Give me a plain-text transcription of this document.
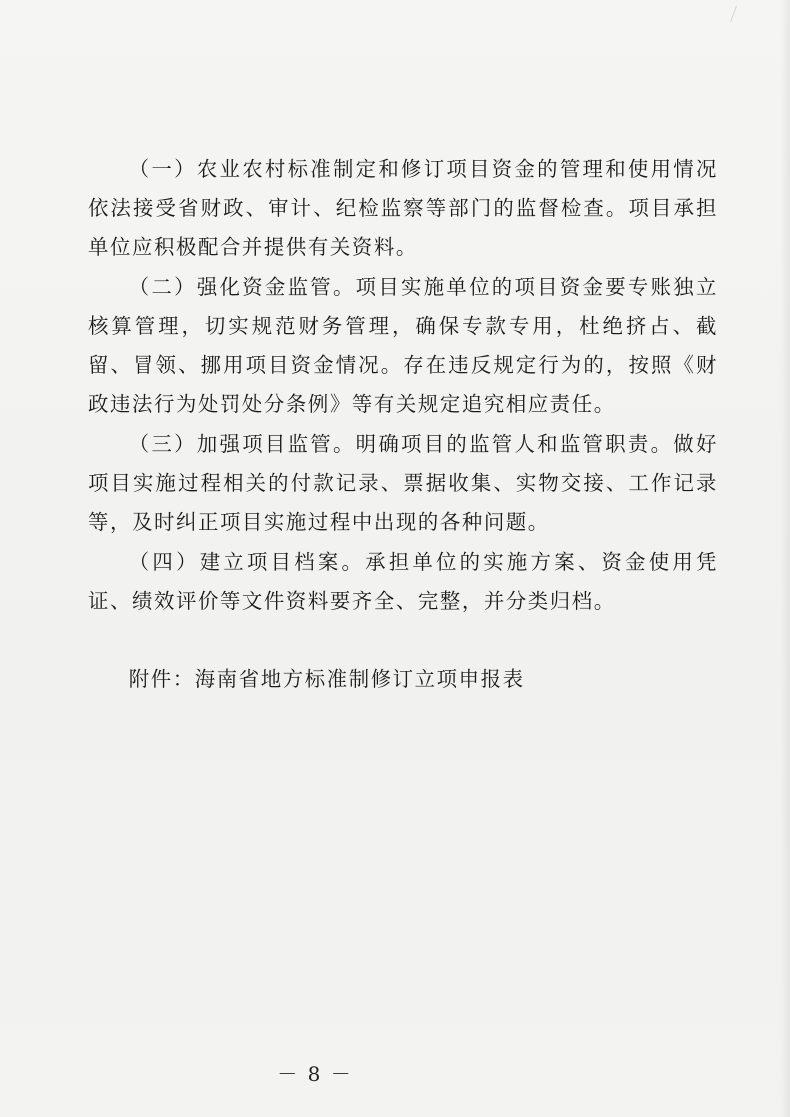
（一）农业农村标准制定和修订项目资金的管理和使用情况依法接受省财政、审计、纪检监察等部门的监督检查。项目承担单位应积极配合并提供有关资料。

（二）强化资金监管。项目实施单位的项目资金要专账独立核算管理，切实规范财务管理，确保专款专用，杜绝挤占、截留、冒领、挪用项目资金情况。存在违反规定行为的，按照《财政违法行为处罚处分条例》等有关规定追究相应责任。

（三）加强项目监管。明确项目的监管人和监管职责。做好项目实施过程相关的付款记录、票据收集、实物交接、工作记录等，及时纠正项目实施过程中出现的各种问题。

（四）建立项目档案。承担单位的实施方案、资金使用凭证、绩效评价等文件资料要齐全、完整，并分类归档。

附件：海南省地方标准制修订立项申报表

－ 8 －
